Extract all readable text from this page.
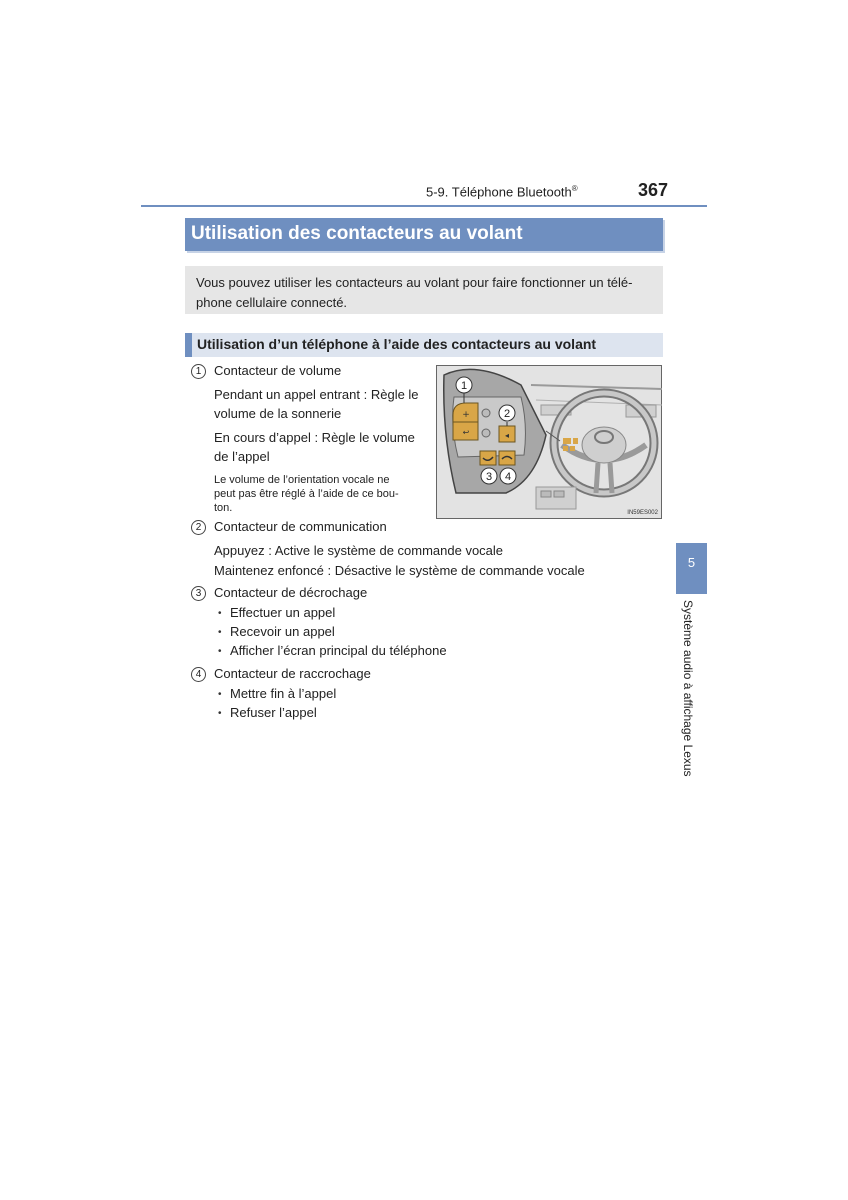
5-9. Téléphone Bluetooth®	367
Utilisation des contacteurs au volant
Vous pouvez utiliser les contacteurs au volant pour faire fonctionner un télé-
phone cellulaire connecté.
Utilisation d’un téléphone à l’aide des contacteurs au volant
1 Contacteur de volume
Pendant un appel entrant : Règle le
volume de la sonnerie
En cours d’appel : Règle le volume
de l’appel
Le volume de l’orientation vocale ne
peut pas être réglé à l’aide de ce bou-
ton.
+
↩	◂
1
2
3 4
IN59ES002
2 Contacteur de communication
Appuyez : Active le système de commande vocale
Maintenez enfoncé : Désactive le système de commande vocale
3 Contacteur de décrochage
• Effectuer un appel
• Recevoir un appel
• Afficher l’écran principal du téléphone
4 Contacteur de raccrochage
• Mettre fin à l’appel
• Refuser l’appel
5
Système audio à affichage Lexus
